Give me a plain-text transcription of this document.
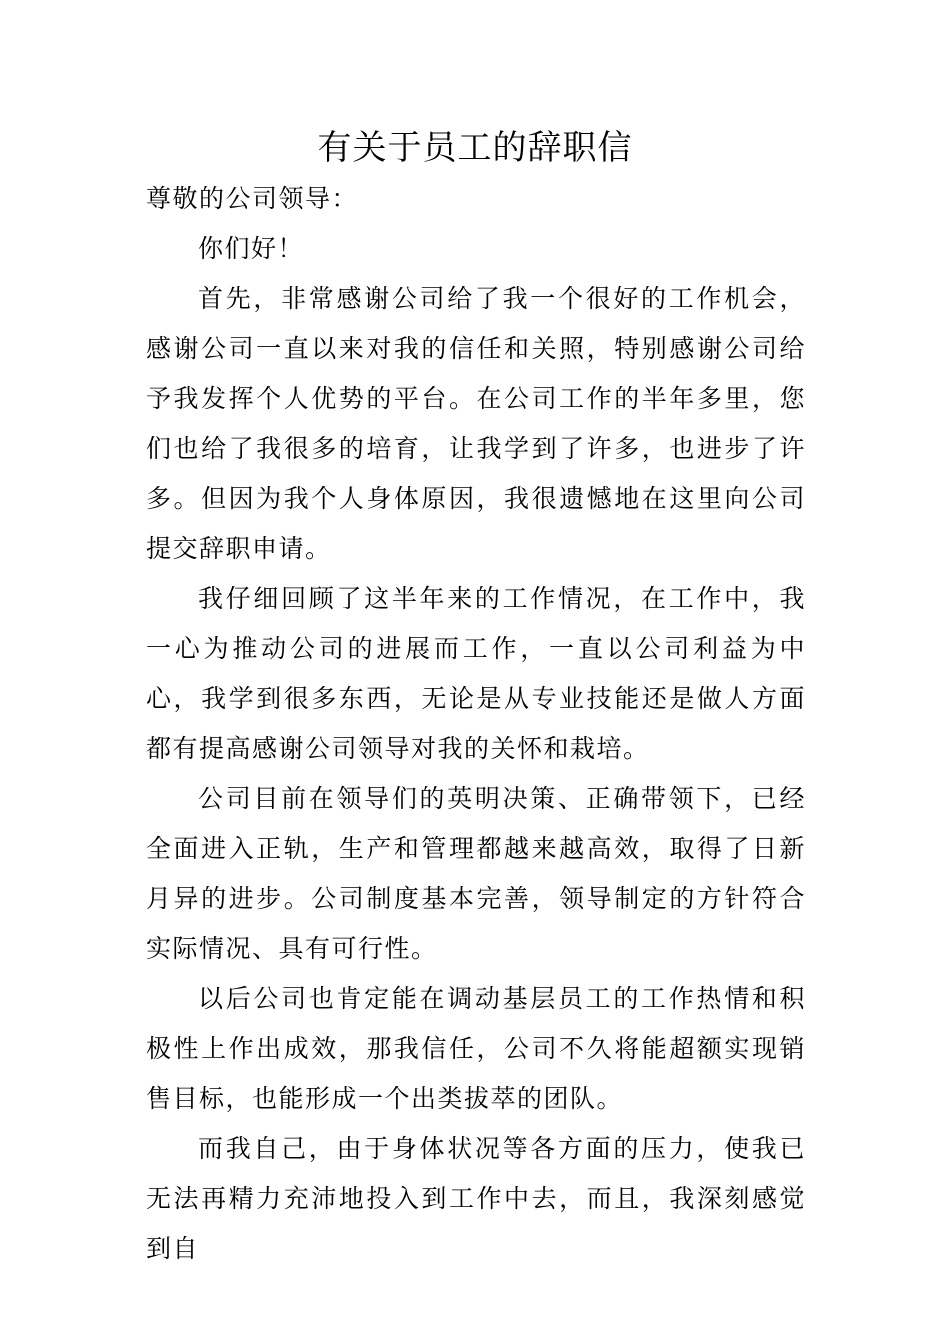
有关于员工的辞职信

尊敬的公司领导：

你们好！

首先，非常感谢公司给了我一个很好的工作机会，感谢公司一直以来对我的信任和关照，特别感谢公司给予我发挥个人优势的平台。在公司工作的半年多里，您们也给了我很多的培育，让我学到了许多，也进步了许多。但因为我个人身体原因，我很遗憾地在这里向公司提交辞职申请。

我仔细回顾了这半年来的工作情况，在工作中，我一心为推动公司的进展而工作，一直以公司利益为中心，我学到很多东西，无论是从专业技能还是做人方面都有提高感谢公司领导对我的关怀和栽培。

公司目前在领导们的英明决策、正确带领下，已经全面进入正轨，生产和管理都越来越高效，取得了日新月异的进步。公司制度基本完善，领导制定的方针符合实际情况、具有可行性。

以后公司也肯定能在调动基层员工的工作热情和积极性上作出成效，那我信任，公司不久将能超额实现销售目标，也能形成一个出类拔萃的团队。

而我自己，由于身体状况等各方面的压力，使我已无法再精力充沛地投入到工作中去，而且，我深刻感觉到自
